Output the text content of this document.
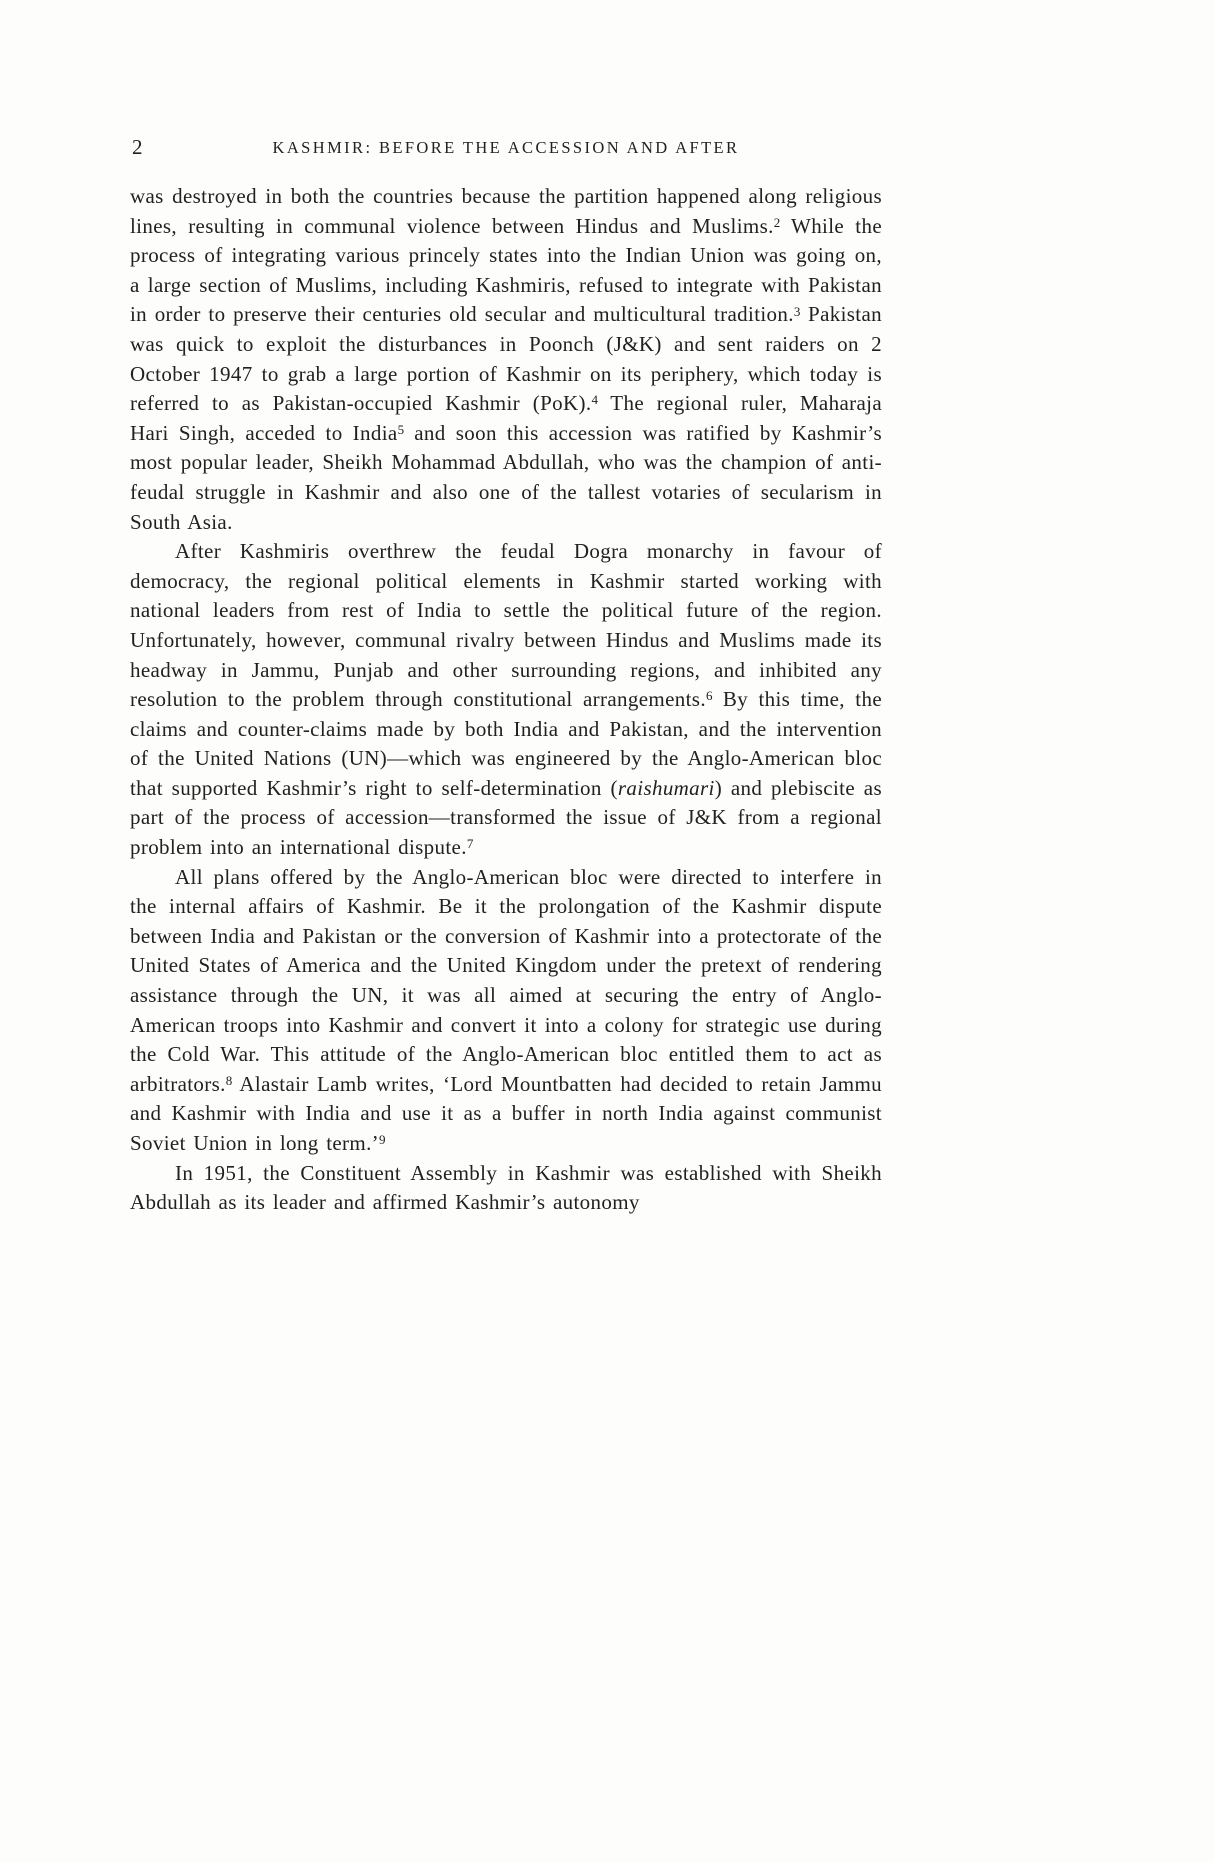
2	KASHMIR: BEFORE THE ACCESSION AND AFTER

was destroyed in both the countries because the partition happened along religious lines, resulting in communal violence between Hindus and Muslims.$^2$ While the process of integrating various princely states into the Indian Union was going on, a large section of Muslims, including Kashmiris, refused to integrate with Pakistan in order to preserve their centuries old secular and multicultural tradition.$^3$ Pakistan was quick to exploit the disturbances in Poonch (J&K) and sent raiders on 2 October 1947 to grab a large portion of Kashmir on its periphery, which today is referred to as Pakistan-occupied Kashmir (PoK).$^4$ The regional ruler, Maharaja Hari Singh, acceded to India$^5$ and soon this accession was ratified by Kashmir’s most popular leader, Sheikh Mohammad Abdullah, who was the champion of anti-feudal struggle in Kashmir and also one of the tallest votaries of secularism in South Asia.

After Kashmiris overthrew the feudal Dogra monarchy in favour of democracy, the regional political elements in Kashmir started working with national leaders from rest of India to settle the political future of the region. Unfortunately, however, communal rivalry between Hindus and Muslims made its headway in Jammu, Punjab and other surrounding regions, and inhibited any resolution to the problem through constitutional arrangements.$^6$ By this time, the claims and counter-claims made by both India and Pakistan, and the intervention of the United Nations (UN)—which was engineered by the Anglo-American bloc that supported Kashmir’s right to self-determination (raishumari) and plebiscite as part of the process of accession—transformed the issue of J&K from a regional problem into an international dispute.$^7$

All plans offered by the Anglo-American bloc were directed to interfere in the internal affairs of Kashmir. Be it the prolongation of the Kashmir dispute between India and Pakistan or the conversion of Kashmir into a protectorate of the United States of America and the United Kingdom under the pretext of rendering assistance through the UN, it was all aimed at securing the entry of Anglo-American troops into Kashmir and convert it into a colony for strategic use during the Cold War. This attitude of the Anglo-American bloc entitled them to act as arbitrators.$^8$ Alastair Lamb writes, ‘Lord Mountbatten had decided to retain Jammu and Kashmir with India and use it as a buffer in north India against communist Soviet Union in long term.’$^9$

In 1951, the Constituent Assembly in Kashmir was established with Sheikh Abdullah as its leader and affirmed Kashmir’s autonomy
